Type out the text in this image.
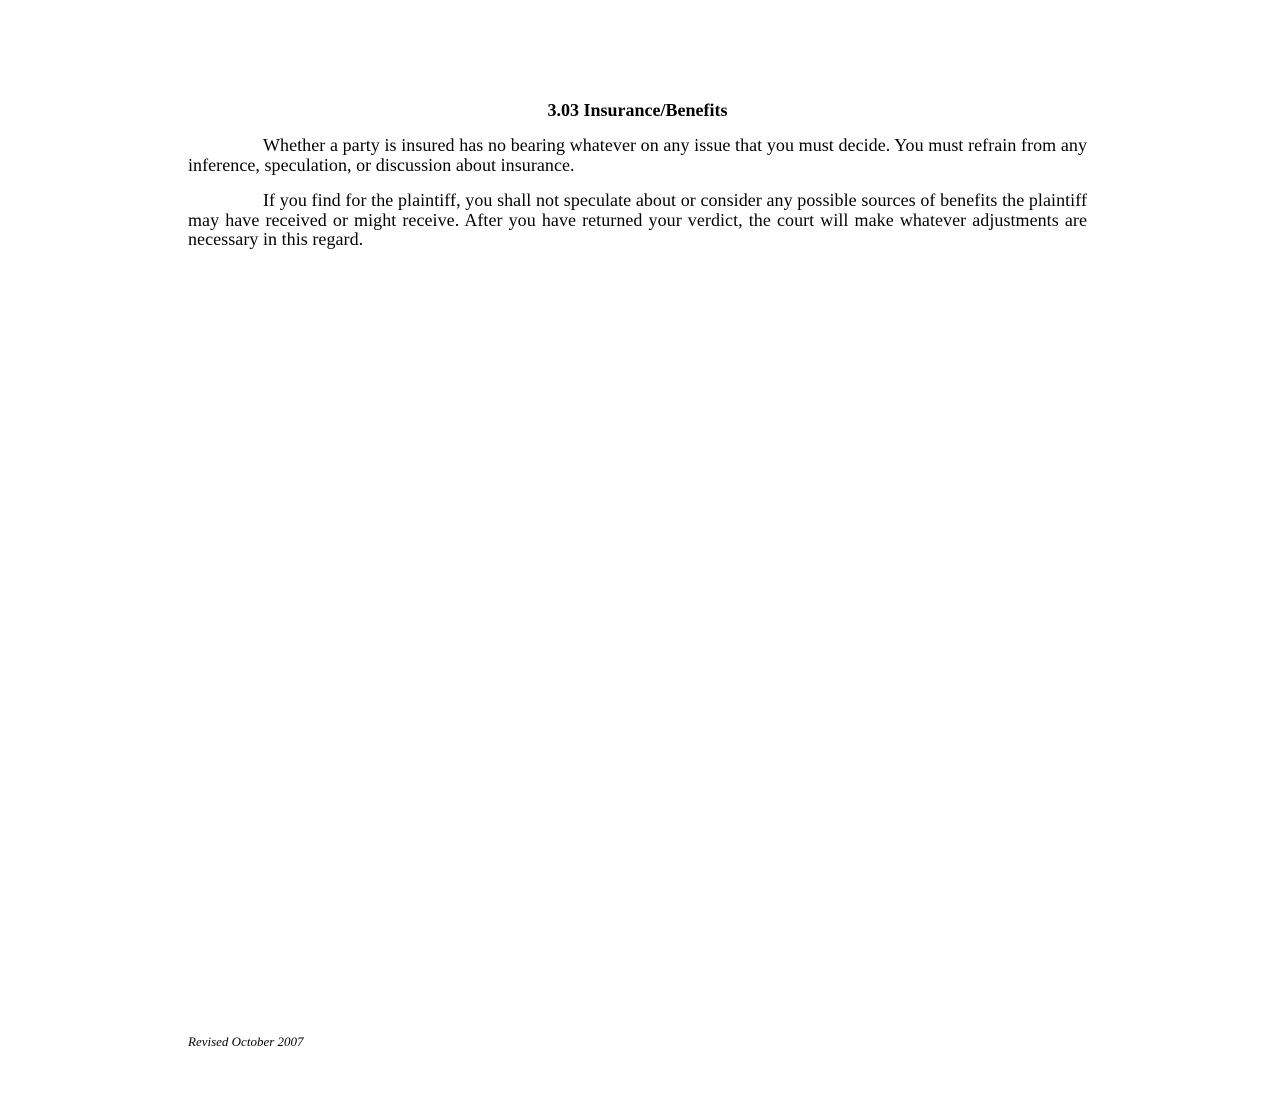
3.03 Insurance/Benefits

Whether a party is insured has no bearing whatever on any issue that you must decide. You must refrain from any inference, speculation, or discussion about insurance.

If you find for the plaintiff, you shall not speculate about or consider any possible sources of benefits the plaintiff may have received or might receive. After you have returned your verdict, the court will make whatever adjustments are necessary in this regard.

Revised October 2007
